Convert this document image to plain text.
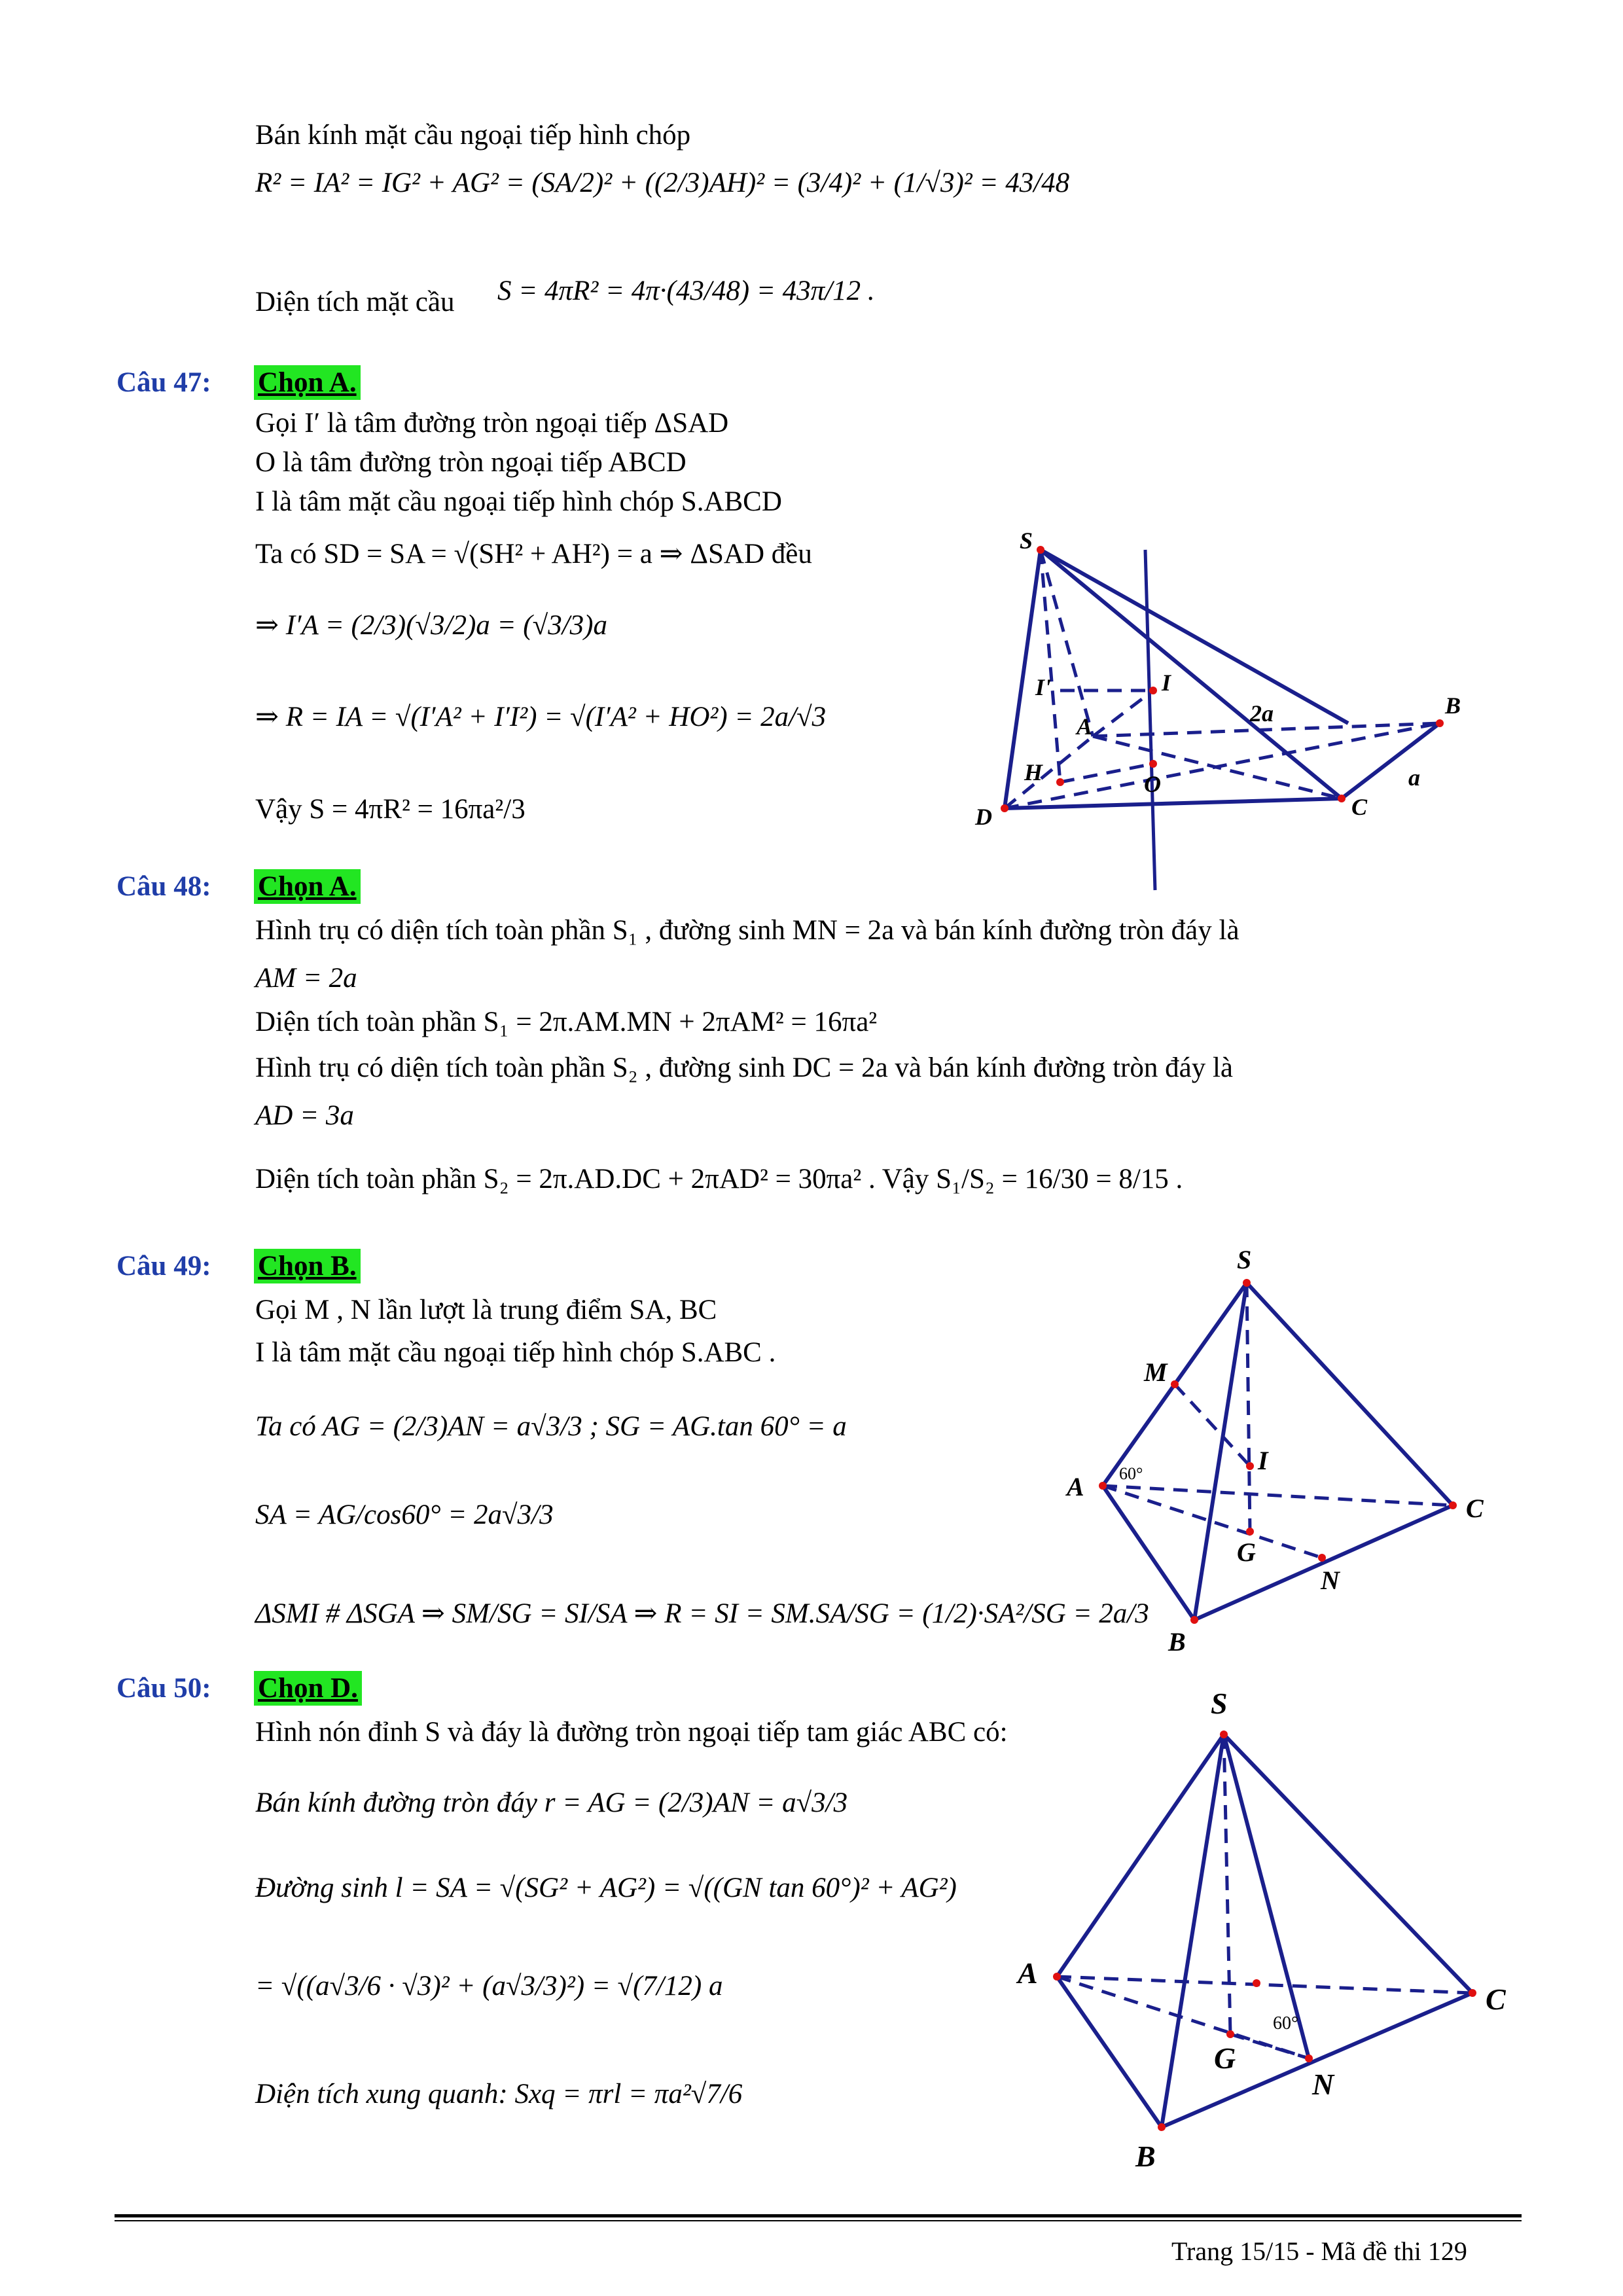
Bán kính mặt cầu ngoại tiếp hình chóp
R² = IA² = IG² + AG² = (SA/2)² + ((2/3)AH)² = (3/4)² + (1/√3)² = 43/48
Diện tích mặt cầu S = 4πR² = 4π·(43/48) = 43π/12 .
Câu 47: Chọn A.
Gọi I′ là tâm đường tròn ngoại tiếp ΔSAD
O là tâm đường tròn ngoại tiếp ABCD
I là tâm mặt cầu ngoại tiếp hình chóp S.ABCD
Ta có SD = SA = √(SH² + AH²) = a ⇒ ΔSAD đều
⇒ I′A = (2/3)(√3/2)a = (√3/3)a
⇒ R = IA = √(I′A² + I′I²) = √(I′A² + HO²) = 2a/√3
Vậy S = 4πR² = 16πa²/3
S
I'	I
A	2a	B
H	a
O
D	C
Câu 48: Chọn A.
Hình trụ có diện tích toàn phần S₁ , đường sinh MN = 2a và bán kính đường tròn đáy là
AM = 2a
Diện tích toàn phần S₁ = 2π.AM.MN + 2πAM² = 16πa²
Hình trụ có diện tích toàn phần S₂ , đường sinh DC = 2a và bán kính đường tròn đáy là
AD = 3a
Diện tích toàn phần S₂ = 2π.AD.DC + 2πAD² = 30πa² . Vậy S₁/S₂ = 16/30 = 8/15 .
Câu 49: Chọn B.
Gọi M , N lần lượt là trung điểm SA, BC
I là tâm mặt cầu ngoại tiếp hình chóp S.ABC .
Ta có AG = (2/3)AN = a√3/3 ; SG = AG.tan 60° = a
SA = AG/cos60° = 2a√3/3
ΔSMI # ΔSGA ⇒ SM/SG = SI/SA ⇒ R = SI = SM.SA/SG = (1/2)·SA²/SG = 2a/3
S
M
I
A 60°
C
G
N
B
Câu 50: Chọn D.
Hình nón đỉnh S và đáy là đường tròn ngoại tiếp tam giác ABC có:
Bán kính đường tròn đáy r = AG = (2/3)AN = a√3/3
Đường sinh l = SA = √(SG² + AG²) = √((GN tan 60°)² + AG²)
= √((a√3/6 · √3)² + (a√3/3)²) = √(7/12) a
Diện tích xung quanh: Sxq = πrl = πa²√7/6
S
A
C
60°
G
N
B
Trang 15/15 - Mã đề thi 129
